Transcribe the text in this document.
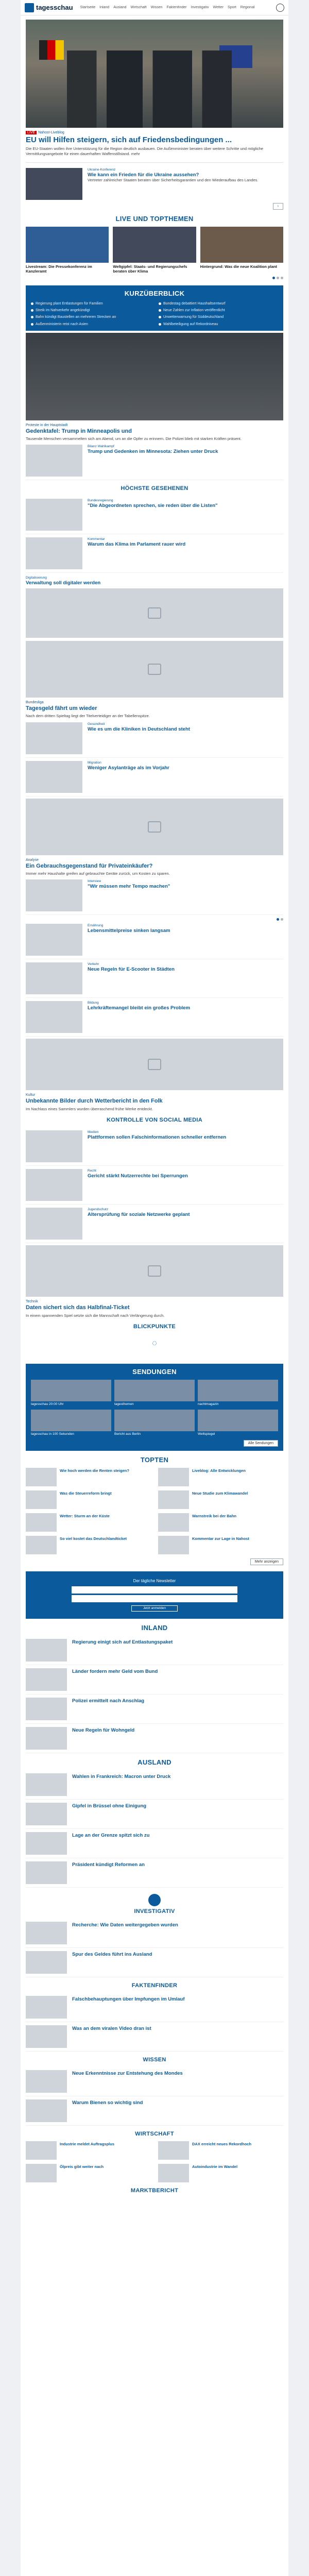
tagesschau Startseite Inland Ausland Wirtschaft Wissen Faktenfinder Investigativ Wetter Sport Regional
LIVE Nahost-Liveblog
EU will Hilfen steigern, sich auf Friedensbedingungen ...

Die EU-Staaten wollen ihre Unterstützung für die Region deutlich ausbauen. Die Außenminister beraten über weitere Schritte und mögliche Vermittlungsangebote für einen dauerhaften Waffenstillstand. mehr

Ukraine-Konferenz
Wie kann ein Frieden für die Ukraine aussehen?

Vertreter zahlreicher Staaten beraten über Sicherheitsgarantien und den Wiederaufbau des Landes.

›
LIVE UND TOPTHEMEN
Livestream: Die Pressekonferenz im Kanzleramt
Weltgipfel: Staats- und Regierungschefs beraten über Klima
Hintergrund: Was die neue Koalition plant
KURZÜBERBLICK
Regierung plant Entlastungen für Familien	Bundestag debattiert Haushaltsentwurf
Streik im Nahverkehr angekündigt	Neue Zahlen zur Inflation veröffentlicht
Bahn kündigt Baustellen an mehreren Strecken an	Unwetterwarnung für Süddeutschland
Außenministerin reist nach Asien	Wahlbeteiligung auf Rekordniveau
Proteste in der Hauptstadt
Gedenktafel: Trump in Minneapolis und

Tausende Menschen versammelten sich am Abend, um an die Opfer zu erinnern. Die Polizei blieb mit starken Kräften präsent.

Bilanz Wahlkampf
Trump und Gedenken im Minnesota: Ziehen unter Druck
HÖCHSTE GESEHENEN
Bundesregierung
"Die Abgeordneten sprechen, sie reden über die Listen"
Kommentar
Warum das Klima im Parlament rauer wird
Digitalisierung
Verwaltung soll digitaler werden
Bundesliga
Tagesgeld fährt um wieder

Nach dem dritten Spieltag liegt der Titelverteidiger an der Tabellenspitze.

Gesundheit
Wie es um die Kliniken in Deutschland steht
Migration
Weniger Asylanträge als im Vorjahr
Analyse
Ein Gebrauchsgegenstand für Privateinkäufer?

Immer mehr Haushalte greifen auf gebrauchte Geräte zurück, um Kosten zu sparen.

Interview
"Wir müssen mehr Tempo machen"
Ernährung
Lebensmittelpreise sinken langsam
Verkehr
Neue Regeln für E-Scooter in Städten
Bildung
Lehrkräftemangel bleibt ein großes Problem
Kultur
Unbekannte Bilder durch Wetterbericht in den Folk

Im Nachlass eines Sammlers wurden überraschend frühe Werke entdeckt.

KONTROLLE VON SOCIAL MEDIA
Medien
Plattformen sollen Falschinformationen schneller entfernen
Recht
Gericht stärkt Nutzerrechte bei Sperrungen
Jugendschutz
Altersprüfung für soziale Netzwerke geplant
Technik
Daten sichert sich das Halbfinal-Ticket

In einem spannenden Spiel setzte sich die Mannschaft nach Verlängerung durch.

BLICKPUNKTE
◌
SENDUNGEN
tagesschau 20:00 Uhr	tagesthemen	nachtmagazin
tagesschau in 100 Sekunden	Bericht aus Berlin	Weltspiegel
Alle Sendungen
TOPTEN
Wie hoch werden die Renten steigen?	Liveblog: Alle Entwicklungen
Was die Steuerreform bringt	Neue Studie zum Klimawandel
Wetter: Sturm an der Küste	Warnstreik bei der Bahn
So viel kostet das Deutschlandticket	Kommentar zur Lage in Nahost
Mehr anzeigen
Der tägliche Newsletter
Jetzt anmelden
INLAND
Regierung einigt sich auf Entlastungspaket
Länder fordern mehr Geld vom Bund
Polizei ermittelt nach Anschlag
Neue Regeln für Wohngeld
AUSLAND
Wahlen in Frankreich: Macron unter Druck
Gipfel in Brüssel ohne Einigung
Lage an der Grenze spitzt sich zu
Präsident kündigt Reformen an
INVESTIGATIV
Recherche: Wie Daten weitergegeben wurden
Spur des Geldes führt ins Ausland
FAKTENFINDER
Falschbehauptungen über Impfungen im Umlauf
Was an dem viralen Video dran ist
WISSEN
Neue Erkenntnisse zur Entstehung des Mondes
Warum Bienen so wichtig sind
WIRTSCHAFT
Industrie meldet Auftragsplus	DAX erreicht neues Rekordhoch
Ölpreis gibt weiter nach	Autoindustrie im Wandel
MARKTBERICHT
